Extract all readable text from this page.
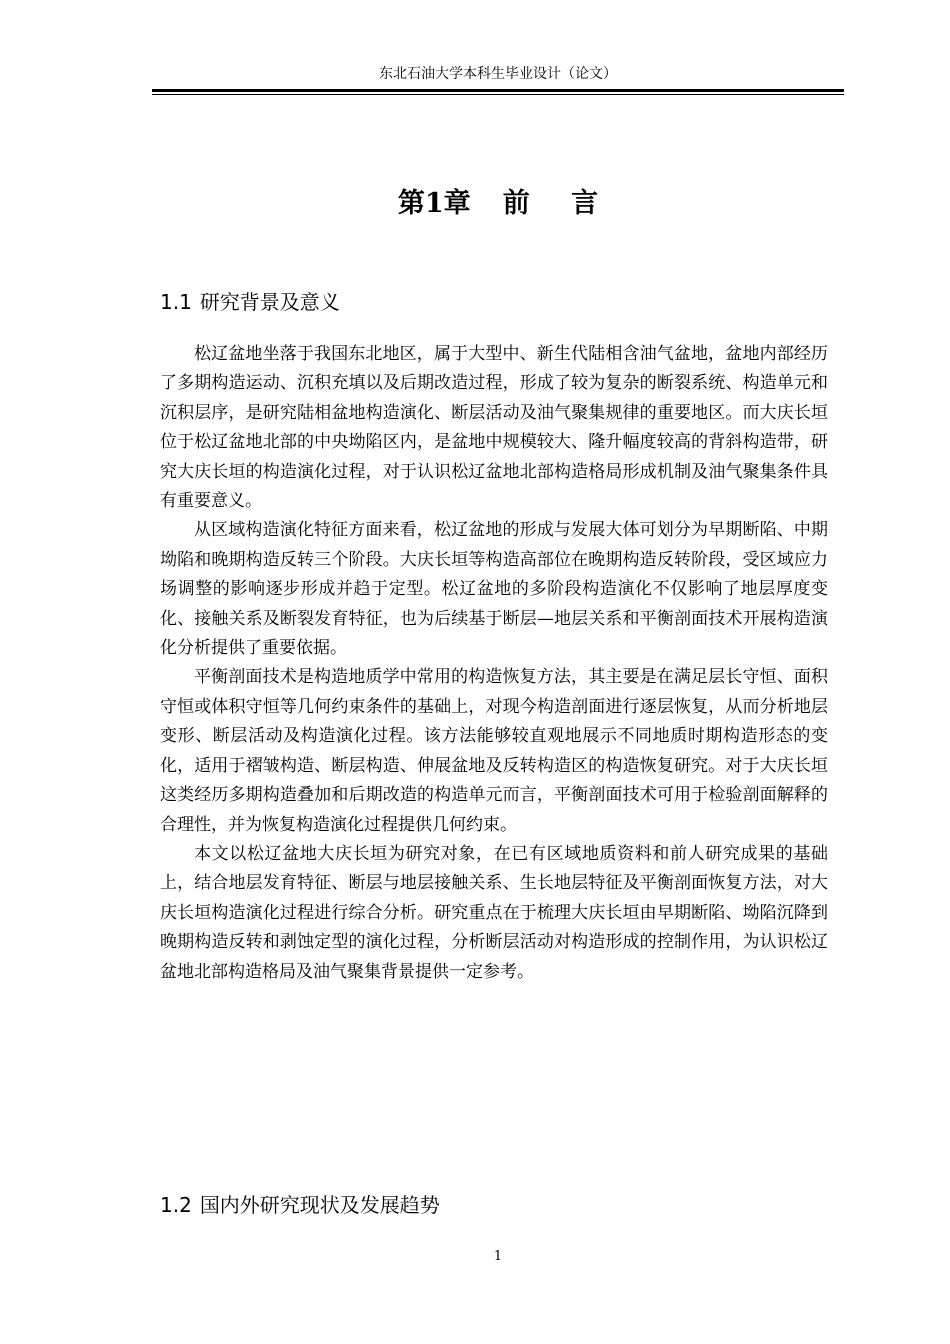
东北石油大学本科生毕业设计（论文）
第1章 前 言
1.1 研究背景及意义

松辽盆地坐落于我国东北地区，属于大型中、新生代陆相含油气盆地，盆地内部经历了多期构造运动、沉积充填以及后期改造过程，形成了较为复杂的断裂系统、构造单元和沉积层序，是研究陆相盆地构造演化、断层活动及油气聚集规律的重要地区。而大庆长垣位于松辽盆地北部的中央坳陷区内，是盆地中规模较大、隆升幅度较高的背斜构造带，研究大庆长垣的构造演化过程，对于认识松辽盆地北部构造格局形成机制及油气聚集条件具有重要意义。

从区域构造演化特征方面来看，松辽盆地的形成与发展大体可划分为早期断陷、中期坳陷和晚期构造反转三个阶段。大庆长垣等构造高部位在晚期构造反转阶段，受区域应力场调整的影响逐步形成并趋于定型。松辽盆地的多阶段构造演化不仅影响了地层厚度变化、接触关系及断裂发育特征，也为后续基于断层—地层关系和平衡剖面技术开展构造演化分析提供了重要依据。

平衡剖面技术是构造地质学中常用的构造恢复方法，其主要是在满足层长守恒、面积守恒或体积守恒等几何约束条件的基础上，对现今构造剖面进行逐层恢复，从而分析地层变形、断层活动及构造演化过程。该方法能够较直观地展示不同地质时期构造形态的变化，适用于褶皱构造、断层构造、伸展盆地及反转构造区的构造恢复研究。对于大庆长垣这类经历多期构造叠加和后期改造的构造单元而言，平衡剖面技术可用于检验剖面解释的合理性，并为恢复构造演化过程提供几何约束。

本文以松辽盆地大庆长垣为研究对象，在已有区域地质资料和前人研究成果的基础上，结合地层发育特征、断层与地层接触关系、生长地层特征及平衡剖面恢复方法，对大庆长垣构造演化过程进行综合分析。研究重点在于梳理大庆长垣由早期断陷、坳陷沉降到晚期构造反转和剥蚀定型的演化过程，分析断层活动对构造形成的控制作用，为认识松辽盆地北部构造格局及油气聚集背景提供一定参考。

1.2 国内外研究现状及发展趋势
1
